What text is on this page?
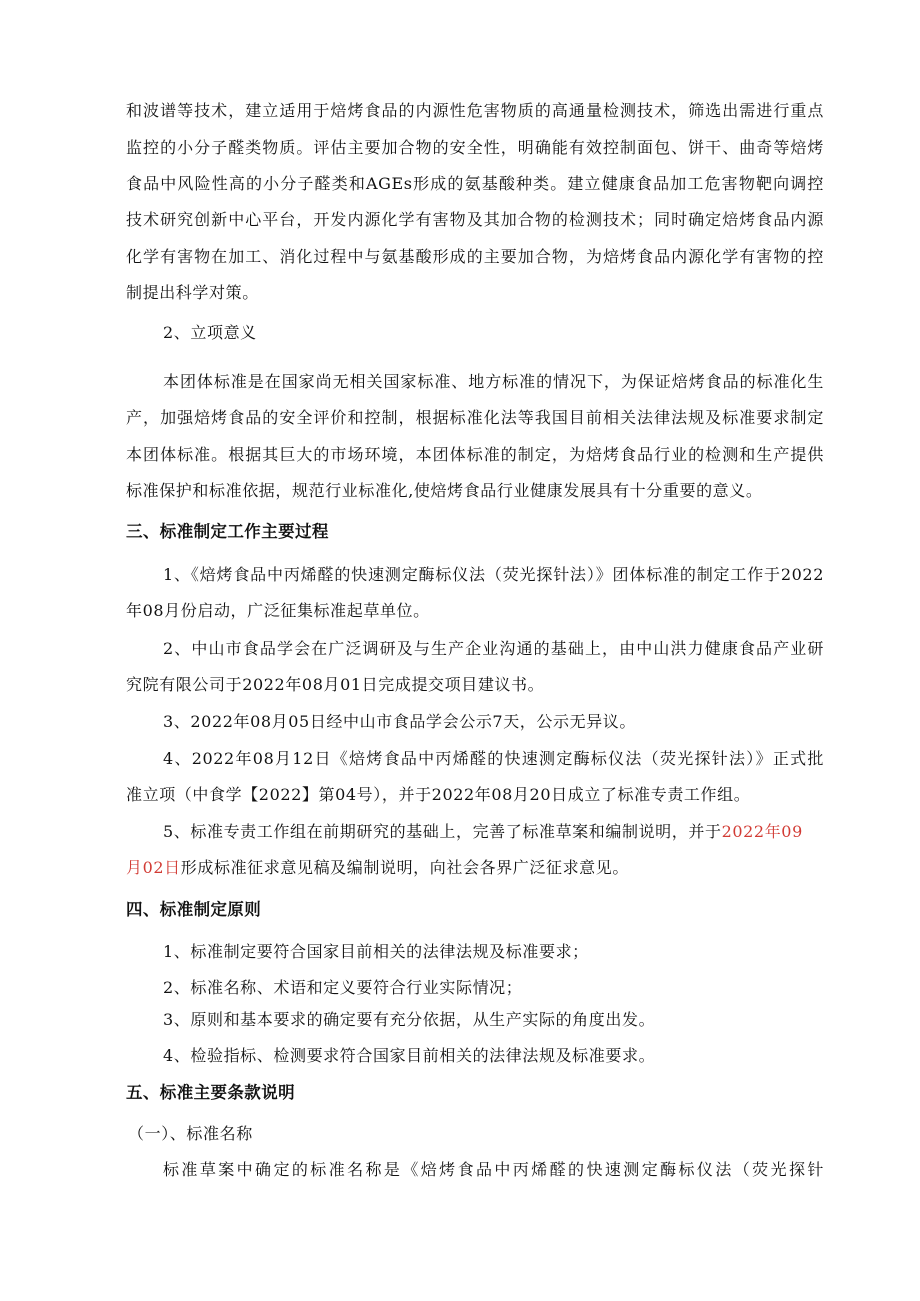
和波谱等技术，建立适用于焙烤食品的内源性危害物质的高通量检测技术，筛选出需进行重点
监控的小分子醛类物质。评估主要加合物的安全性，明确能有效控制面包、饼干、曲奇等焙烤
食品中风险性高的小分子醛类和AGEs形成的氨基酸种类。建立健康食品加工危害物靶向调控
技术研究创新中心平台，开发内源化学有害物及其加合物的检测技术；同时确定焙烤食品内源
化学有害物在加工、消化过程中与氨基酸形成的主要加合物，为焙烤食品内源化学有害物的控
制提出科学对策。
2、立项意义
本团体标准是在国家尚无相关国家标准、地方标准的情况下，为保证焙烤食品的标准化生
产，加强焙烤食品的安全评价和控制，根据标准化法等我国目前相关法律法规及标准要求制定
本团体标准。根据其巨大的市场环境，本团体标准的制定，为焙烤食品行业的检测和生产提供
标准保护和标准依据，规范行业标准化,使焙烤食品行业健康发展具有十分重要的意义。
三、标准制定工作主要过程
1、《焙烤食品中丙烯醛的快速测定酶标仪法（荧光探针法）》团体标准的制定工作于2022
年08月份启动，广泛征集标准起草单位。
2、中山市食品学会在广泛调研及与生产企业沟通的基础上，由中山洪力健康食品产业研
究院有限公司于2022年08月01日完成提交项目建议书。
3、2022年08月05日经中山市食品学会公示7天，公示无异议。
4、2022年08月12日《焙烤食品中丙烯醛的快速测定酶标仪法（荧光探针法）》正式批
准立项（中食学【2022】第04号），并于2022年08月20日成立了标准专责工作组。
5、标准专责工作组在前期研究的基础上，完善了标准草案和编制说明，并于2022年09
月02日形成标准征求意见稿及编制说明，向社会各界广泛征求意见。
四、标准制定原则
1、标准制定要符合国家目前相关的法律法规及标准要求；
2、标准名称、术语和定义要符合行业实际情况；
3、原则和基本要求的确定要有充分依据，从生产实际的角度出发。
4、检验指标、检测要求符合国家目前相关的法律法规及标准要求。
五、标准主要条款说明
（一）、标准名称
标准草案中确定的标准名称是《焙烤食品中丙烯醛的快速测定酶标仪法（荧光探针
